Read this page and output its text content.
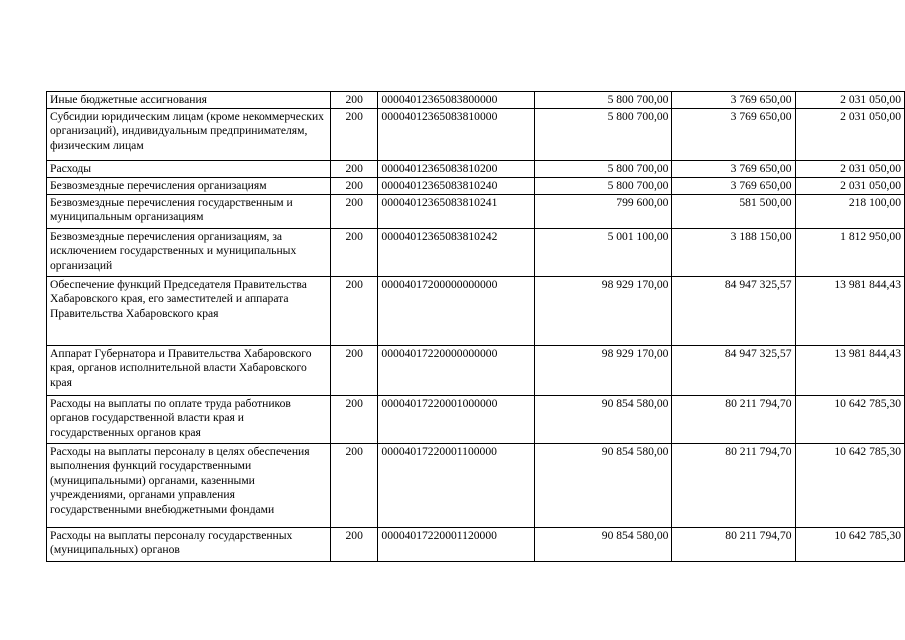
Иные бюджетные ассигнования	200	00004012365083800000	5 800 700,00	3 769 650,00	2 031 050,00
Субсидии юридическим лицам (кроме некоммерческих организаций), индивидуальным предпринимателям, физическим лицам	200	00004012365083810000	5 800 700,00	3 769 650,00	2 031 050,00
Расходы	200	00004012365083810200	5 800 700,00	3 769 650,00	2 031 050,00
Безвозмездные перечисления организациям	200	00004012365083810240	5 800 700,00	3 769 650,00	2 031 050,00
Безвозмездные перечисления государственным и муниципальным организациям	200	00004012365083810241	799 600,00	581 500,00	218 100,00
Безвозмездные перечисления организациям, за исключением государственных и муниципальных организаций	200	00004012365083810242	5 001 100,00	3 188 150,00	1 812 950,00
Обеспечение функций Председателя Правительства Хабаровского края, его заместителей и аппарата Правительства Хабаровского края	200	00004017200000000000	98 929 170,00	84 947 325,57	13 981 844,43
Аппарат Губернатора и Правительства Хабаровского края, органов исполнительной власти Хабаровского края	200	00004017220000000000	98 929 170,00	84 947 325,57	13 981 844,43
Расходы на выплаты по оплате труда работников органов государственной власти края и государственных органов края	200	00004017220001000000	90 854 580,00	80 211 794,70	10 642 785,30
Расходы на выплаты персоналу в целях обеспечения выполнения функций государственными (муниципальными) органами, казенными учреждениями, органами управления государственными внебюджетными фондами	200	00004017220001100000	90 854 580,00	80 211 794,70	10 642 785,30
Расходы на выплаты персоналу государственных (муниципальных) органов	200	00004017220001120000	90 854 580,00	80 211 794,70	10 642 785,30
